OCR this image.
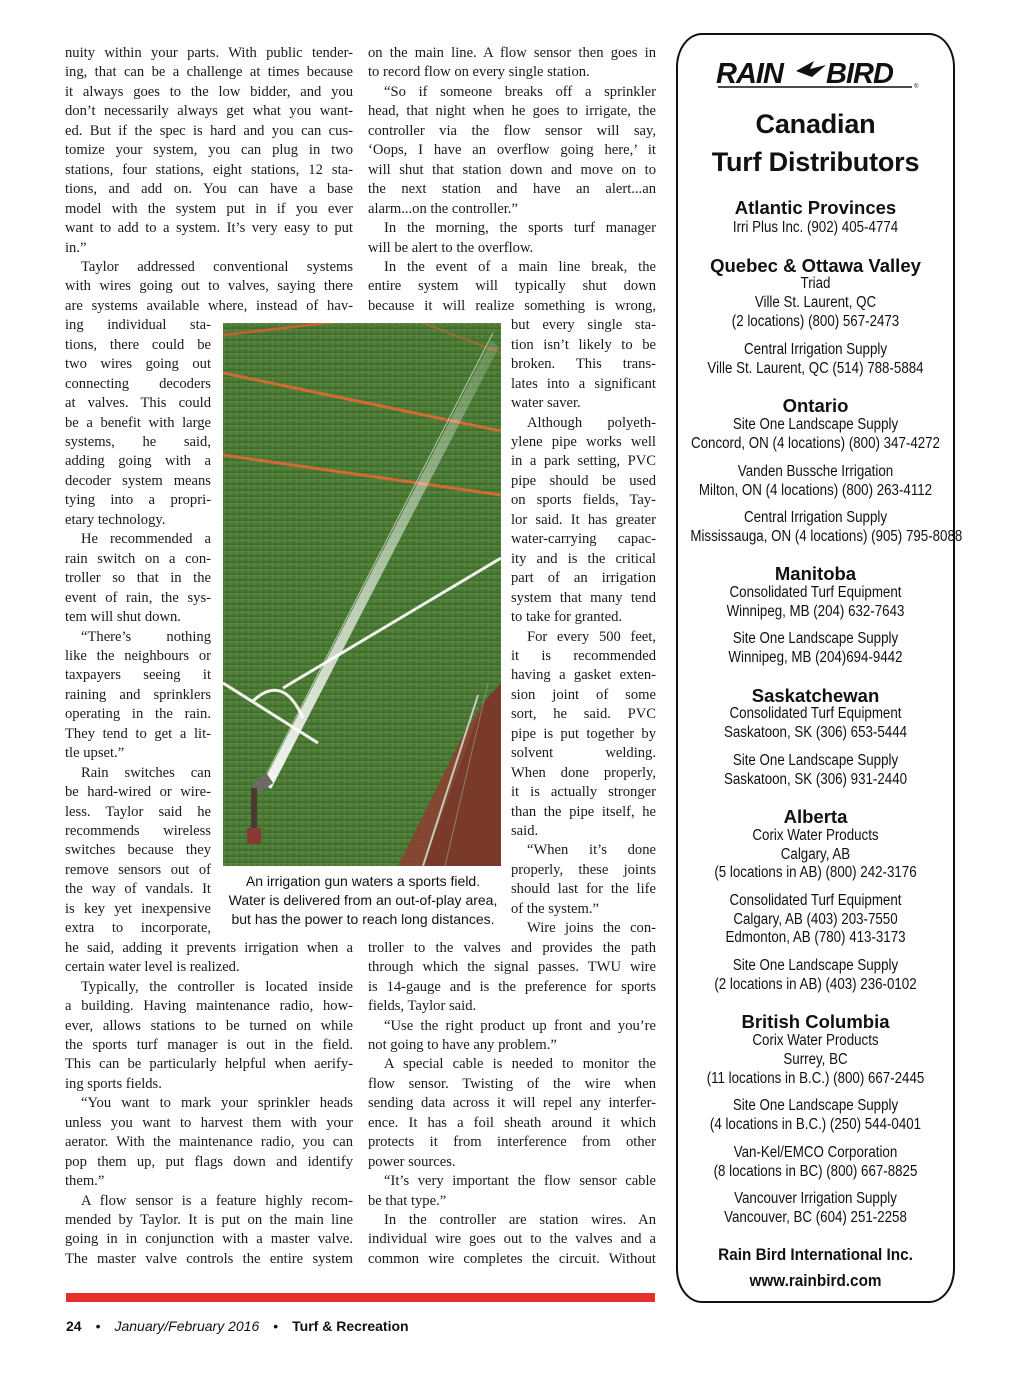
nuity within your parts. With public tender-
ing, that can be a challenge at times because
it always goes to the low bidder, and you
don’t necessarily always get what you want-
ed. But if the spec is hard and you can cus-
tomize your system, you can plug in two
stations, four stations, eight stations, 12 sta-
tions, and add on. You can have a base
model with the system put in if you ever
want to add to a system. It’s very easy to put
in.”
Taylor addressed conventional systems
with wires going out to valves, saying there
are systems available where, instead of hav-
ing individual sta-
tions, there could be
two wires going out
connecting decoders
at valves. This could
be a benefit with large
systems, he said,
adding going with a
decoder system means
tying into a propri-
etary technology.
He recommended a
rain switch on a con-
troller so that in the
event of rain, the sys-
tem will shut down.
“There’s nothing
like the neighbours or
taxpayers seeing it
raining and sprinklers
operating in the rain.
They tend to get a lit-
tle upset.”
Rain switches can
be hard-wired or wire-
less. Taylor said he
recommends wireless
switches because they
remove sensors out of
the way of vandals. It
is key yet inexpensive
extra to incorporate,
he said, adding it prevents irrigation when a
certain water level is realized.
Typically, the controller is located inside
a building. Having maintenance radio, how-
ever, allows stations to be turned on while
the sports turf manager is out in the field.
This can be particularly helpful when aerify-
ing sports fields.
“You want to mark your sprinkler heads
unless you want to harvest them with your
aerator. With the maintenance radio, you can
pop them up, put flags down and identify
them.”
A flow sensor is a feature highly recom-
mended by Taylor. It is put on the main line
going in in conjunction with a master valve.
The master valve controls the entire system
on the main line. A flow sensor then goes in
to record flow on every single station.
“So if someone breaks off a sprinkler
head, that night when he goes to irrigate, the
controller via the flow sensor will say,
‘Oops, I have an overflow going here,’ it
will shut that station down and move on to
the next station and have an alert...an
alarm...on the controller.”
In the morning, the sports turf manager
will be alert to the overflow.
In the event of a main line break, the
entire system will typically shut down
because it will realize something is wrong,
but every single sta-
tion isn’t likely to be
broken. This trans-
lates into a significant
water saver.
Although polyeth-
ylene pipe works well
in a park setting, PVC
pipe should be used
on sports fields, Tay-
lor said. It has greater
water-carrying capac-
ity and is the critical
part of an irrigation
system that many tend
to take for granted.
For every 500 feet,
it is recommended
having a gasket exten-
sion joint of some
sort, he said. PVC
pipe is put together by
solvent welding.
When done properly,
it is actually stronger
than the pipe itself, he
said.
“When it’s done
properly, these joints
should last for the life
of the system.”
Wire joins the con-
troller to the valves and provides the path
through which the signal passes. TWU wire
is 14-gauge and is the preference for sports
fields, Taylor said.
“Use the right product up front and you’re
not going to have any problem.”
A special cable is needed to monitor the
flow sensor. Twisting of the wire when
sending data across it will repel any interfer-
ence. It has a foil sheath around it which
protects it from interference from other
power sources.
“It’s very important the flow sensor cable
be that type.”
In the controller are station wires. An
individual wire goes out to the valves and a
common wire completes the circuit. Without
An irrigation gun waters a sports field.
Water is delivered from an out-of-play area,
but has the power to reach long distances.
RAIN BIRD	®
Canadian
Turf Distributors
Atlantic Provinces
Irri Plus Inc. (902) 405-4774
Quebec & Ottawa Valley
Triad
Ville St. Laurent, QC
(2 locations) (800) 567-2473
Central Irrigation Supply
Ville St. Laurent, QC (514) 788-5884
Ontario
Site One Landscape Supply
Concord, ON (4 locations) (800) 347-4272
Vanden Bussche Irrigation
Milton, ON (4 locations) (800) 263-4112
Central Irrigation Supply
Mississauga, ON (4 locations) (905) 795-8088
Manitoba
Consolidated Turf Equipment
Winnipeg, MB (204) 632-7643
Site One Landscape Supply
Winnipeg, MB (204)694-9442
Saskatchewan
Consolidated Turf Equipment
Saskatoon, SK (306) 653-5444
Site One Landscape Supply
Saskatoon, SK (306) 931-2440
Alberta
Corix Water Products
Calgary, AB
(5 locations in AB) (800) 242-3176
Consolidated Turf Equipment
Calgary, AB (403) 203-7550
Edmonton, AB (780) 413-3173
Site One Landscape Supply
(2 locations in AB) (403) 236-0102
British Columbia
Corix Water Products
Surrey, BC
(11 locations in B.C.) (800) 667-2445
Site One Landscape Supply
(4 locations in B.C.) (250) 544-0401
Van-Kel/EMCO Corporation
(8 locations in BC) (800) 667-8825
Vancouver Irrigation Supply
Vancouver, BC (604) 251-2258
Rain Bird International Inc.
www.rainbird.com
24 • January/February 2016 • Turf & Recreation
